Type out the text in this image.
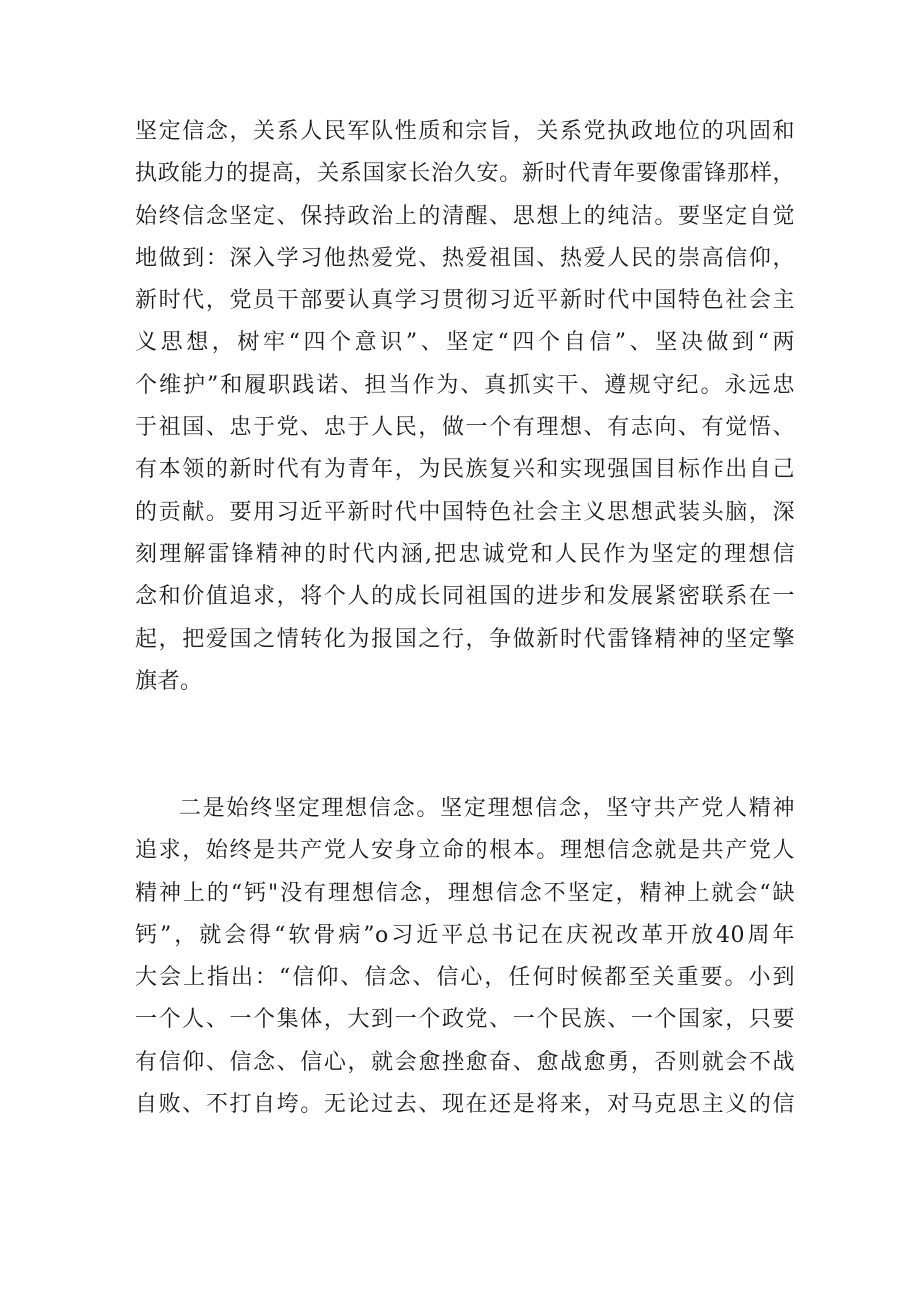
坚定信念，关系人民军队性质和宗旨，关系党执政地位的巩固和
执政能力的提高，关系国家长治久安。新时代青年要像雷锋那样，
始终信念坚定、保持政治上的清醒、思想上的纯洁。要坚定自觉
地做到：深入学习他热爱党、热爱祖国、热爱人民的崇高信仰，
新时代，党员干部要认真学习贯彻习近平新时代中国特色社会主
义思想，树牢“四个意识”、坚定“四个自信”、坚决做到“两
个维护”和履职践诺、担当作为、真抓实干、遵规守纪。永远忠
于祖国、忠于党、忠于人民，做一个有理想、有志向、有觉悟、
有本领的新时代有为青年，为民族复兴和实现强国目标作出自己
的贡献。要用习近平新时代中国特色社会主义思想武装头脑，深
刻理解雷锋精神的时代内涵,把忠诚党和人民作为坚定的理想信
念和价值追求，将个人的成长同祖国的进步和发展紧密联系在一
起，把爱国之情转化为报国之行，争做新时代雷锋精神的坚定擎
旗者。
二是始终坚定理想信念。坚定理想信念，坚守共产党人精神
追求，始终是共产党人安身立命的根本。理想信念就是共产党人
精神上的“钙"没有理想信念，理想信念不坚定，精神上就会“缺
钙”，就会得“软骨病”o习近平总书记在庆祝改革开放40周年
大会上指出：“信仰、信念、信心，任何时候都至关重要。小到
一个人、一个集体，大到一个政党、一个民族、一个国家，只要
有信仰、信念、信心，就会愈挫愈奋、愈战愈勇，否则就会不战
自败、不打自垮。无论过去、现在还是将来，对马克思主义的信
